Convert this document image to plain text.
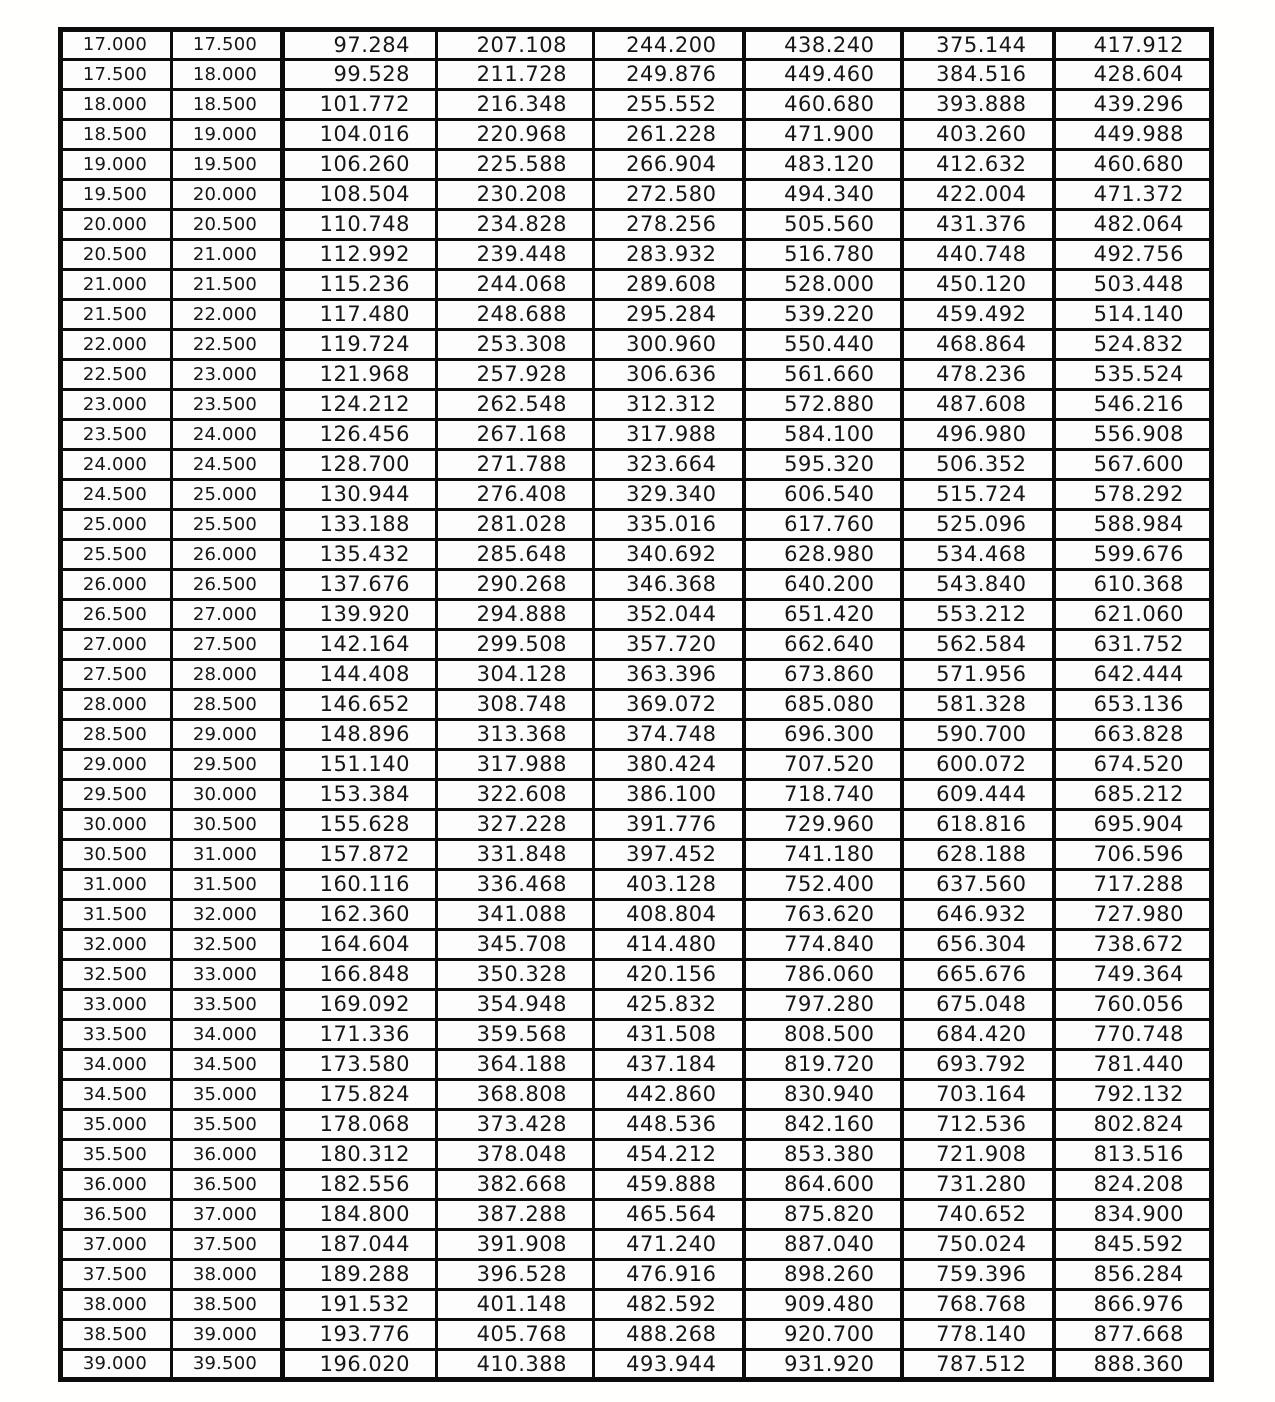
17.000	17.500	97.284	207.108	244.200	438.240	375.144	417.912
17.500	18.000	99.528	211.728	249.876	449.460	384.516	428.604
18.000	18.500	101.772	216.348	255.552	460.680	393.888	439.296
18.500	19.000	104.016	220.968	261.228	471.900	403.260	449.988
19.000	19.500	106.260	225.588	266.904	483.120	412.632	460.680
19.500	20.000	108.504	230.208	272.580	494.340	422.004	471.372
20.000	20.500	110.748	234.828	278.256	505.560	431.376	482.064
20.500	21.000	112.992	239.448	283.932	516.780	440.748	492.756
21.000	21.500	115.236	244.068	289.608	528.000	450.120	503.448
21.500	22.000	117.480	248.688	295.284	539.220	459.492	514.140
22.000	22.500	119.724	253.308	300.960	550.440	468.864	524.832
22.500	23.000	121.968	257.928	306.636	561.660	478.236	535.524
23.000	23.500	124.212	262.548	312.312	572.880	487.608	546.216
23.500	24.000	126.456	267.168	317.988	584.100	496.980	556.908
24.000	24.500	128.700	271.788	323.664	595.320	506.352	567.600
24.500	25.000	130.944	276.408	329.340	606.540	515.724	578.292
25.000	25.500	133.188	281.028	335.016	617.760	525.096	588.984
25.500	26.000	135.432	285.648	340.692	628.980	534.468	599.676
26.000	26.500	137.676	290.268	346.368	640.200	543.840	610.368
26.500	27.000	139.920	294.888	352.044	651.420	553.212	621.060
27.000	27.500	142.164	299.508	357.720	662.640	562.584	631.752
27.500	28.000	144.408	304.128	363.396	673.860	571.956	642.444
28.000	28.500	146.652	308.748	369.072	685.080	581.328	653.136
28.500	29.000	148.896	313.368	374.748	696.300	590.700	663.828
29.000	29.500	151.140	317.988	380.424	707.520	600.072	674.520
29.500	30.000	153.384	322.608	386.100	718.740	609.444	685.212
30.000	30.500	155.628	327.228	391.776	729.960	618.816	695.904
30.500	31.000	157.872	331.848	397.452	741.180	628.188	706.596
31.000	31.500	160.116	336.468	403.128	752.400	637.560	717.288
31.500	32.000	162.360	341.088	408.804	763.620	646.932	727.980
32.000	32.500	164.604	345.708	414.480	774.840	656.304	738.672
32.500	33.000	166.848	350.328	420.156	786.060	665.676	749.364
33.000	33.500	169.092	354.948	425.832	797.280	675.048	760.056
33.500	34.000	171.336	359.568	431.508	808.500	684.420	770.748
34.000	34.500	173.580	364.188	437.184	819.720	693.792	781.440
34.500	35.000	175.824	368.808	442.860	830.940	703.164	792.132
35.000	35.500	178.068	373.428	448.536	842.160	712.536	802.824
35.500	36.000	180.312	378.048	454.212	853.380	721.908	813.516
36.000	36.500	182.556	382.668	459.888	864.600	731.280	824.208
36.500	37.000	184.800	387.288	465.564	875.820	740.652	834.900
37.000	37.500	187.044	391.908	471.240	887.040	750.024	845.592
37.500	38.000	189.288	396.528	476.916	898.260	759.396	856.284
38.000	38.500	191.532	401.148	482.592	909.480	768.768	866.976
38.500	39.000	193.776	405.768	488.268	920.700	778.140	877.668
39.000	39.500	196.020	410.388	493.944	931.920	787.512	888.360
